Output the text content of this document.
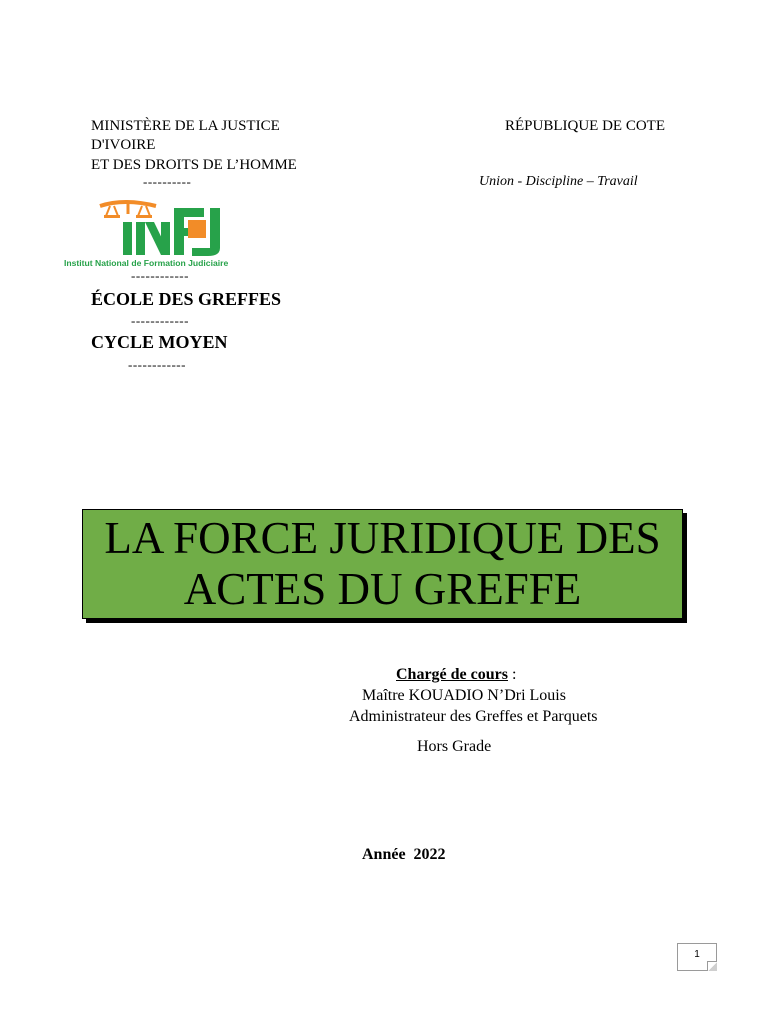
MINISTÈRE DE LA JUSTICE
D'IVOIRE
ET DES DROITS DE L’HOMME
----------
RÉPUBLIQUE DE COTE
Union - Discipline – Travail
Institut National de Formation Judiciaire
------------
ÉCOLE DES GREFFES
------------
CYCLE MOYEN
------------
LA FORCE JURIDIQUE DES
ACTES DU GREFFE
Chargé de cours :
Maître KOUADIO N’Dri Louis
Administrateur des Greffes et Parquets
Hors Grade
Année  2022
1
